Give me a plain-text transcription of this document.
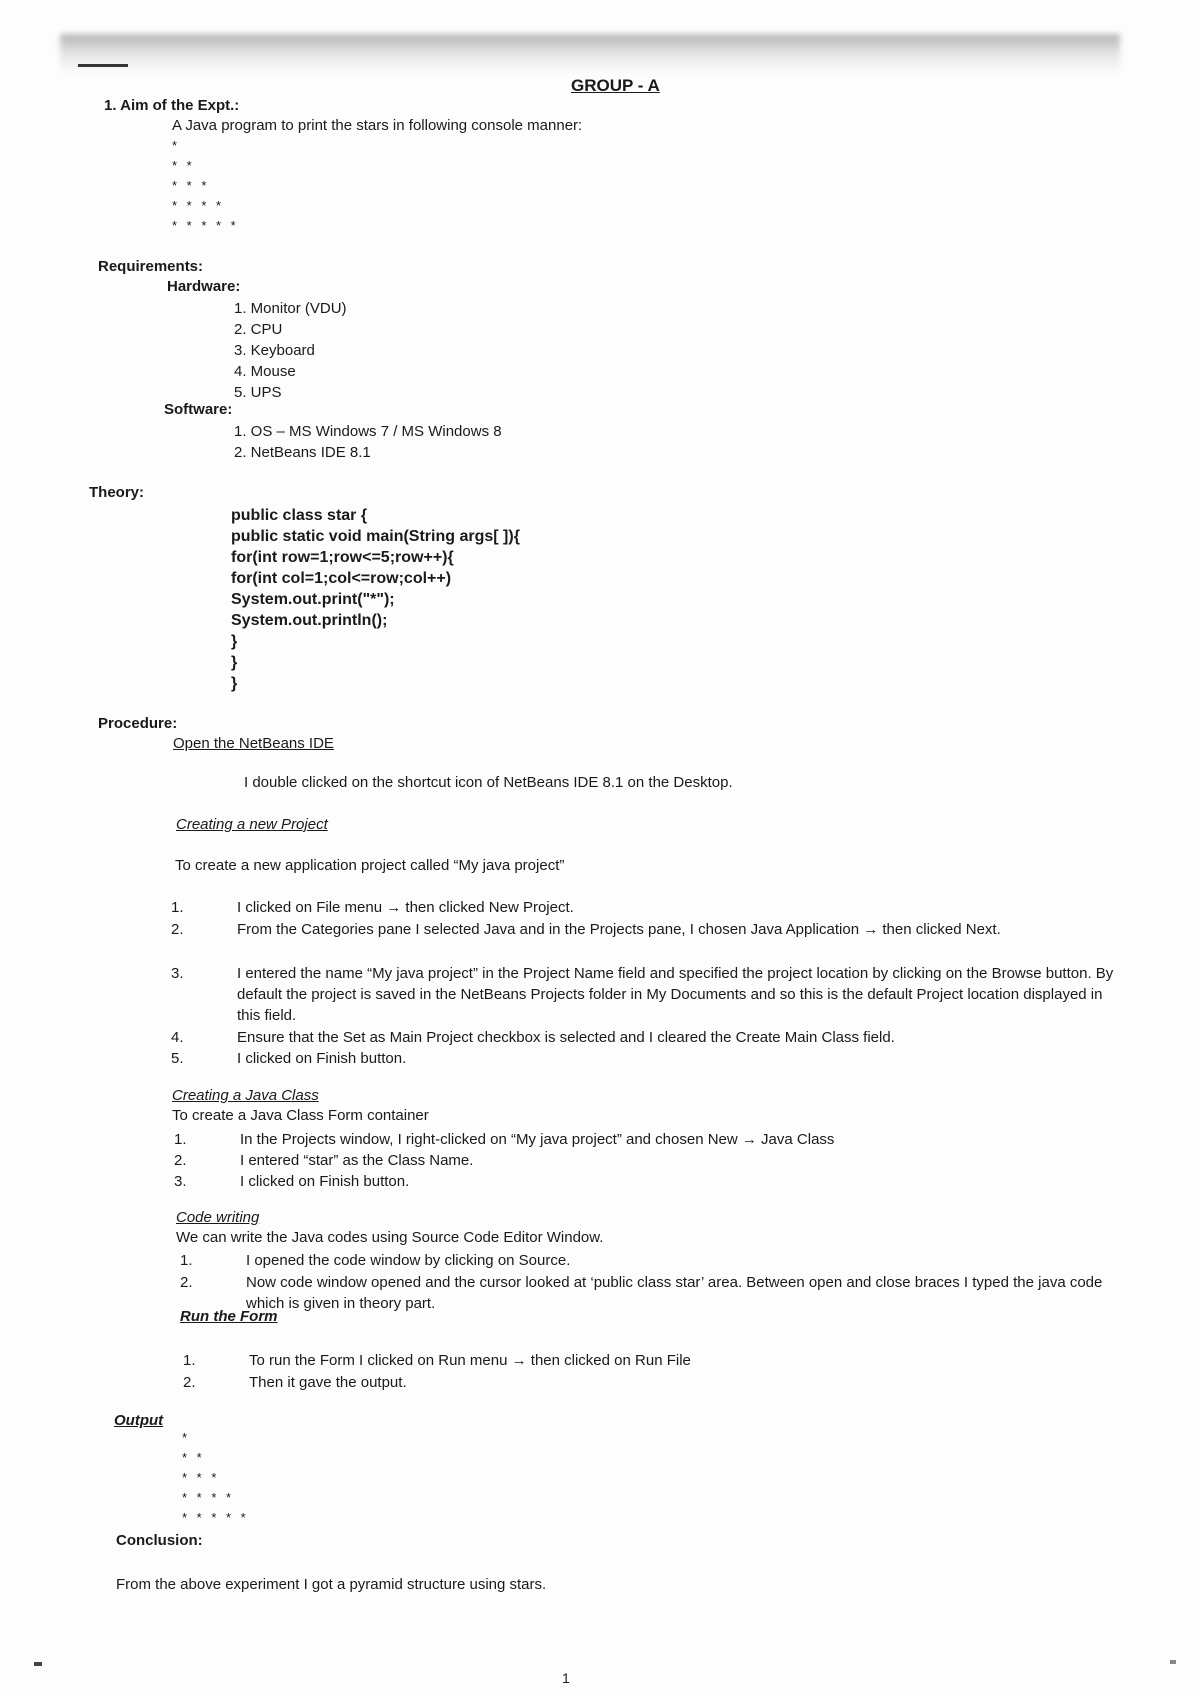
GROUP - A
1. Aim of the Expt.:
A Java program to print the stars in following console manner:
*
* *
* * *
* * * *
* * * * *
Requirements:
Hardware:
1. Monitor (VDU)
2. CPU
3. Keyboard
4. Mouse
5. UPS
Software:
1. OS – MS Windows 7 / MS Windows 8
2. NetBeans IDE 8.1
Theory:
public class star {
public static void main(String args[ ]){
for(int row=1;row<=5;row++){
for(int col=1;col<=row;col++)
System.out.print("*");
System.out.println();
}
}
}
Procedure:
Open the NetBeans IDE
I double clicked on the shortcut icon of NetBeans IDE 8.1 on the Desktop.
Creating a new Project
To create a new application project called “My java project”
1.	I clicked on File menu → then clicked New Project.
2.	From the Categories pane I selected Java and in the Projects pane, I chosen Java Application → then clicked Next.
3.	I entered the name “My java project” in the Project Name field and specified the project location by clicking on the Browse button. By default the project is saved in the NetBeans Projects folder in My Documents and so this is the default Project location displayed in this field.
4.	Ensure that the Set as Main Project checkbox is selected and I cleared the Create Main Class field.
5.	I clicked on Finish button.
Creating a Java Class
To create a Java Class Form container
1.	In the Projects window, I right-clicked on “My java project” and chosen New → Java Class
2.	I entered “star” as the Class Name.
3.	I clicked on Finish button.
Code writing
We can write the Java codes using Source Code Editor Window.
1.	I opened the code window by clicking on Source.
2.	Now code window opened and the cursor looked at ‘public class star’ area. Between open and close braces I typed the java code which is given in theory part.
Run the Form
1.	To run the Form I clicked on Run menu → then clicked on Run File
2.	Then it gave the output.
Output
*
* *
* * *
* * * *
* * * * *
Conclusion:
From the above experiment I got a pyramid structure using stars.
1
